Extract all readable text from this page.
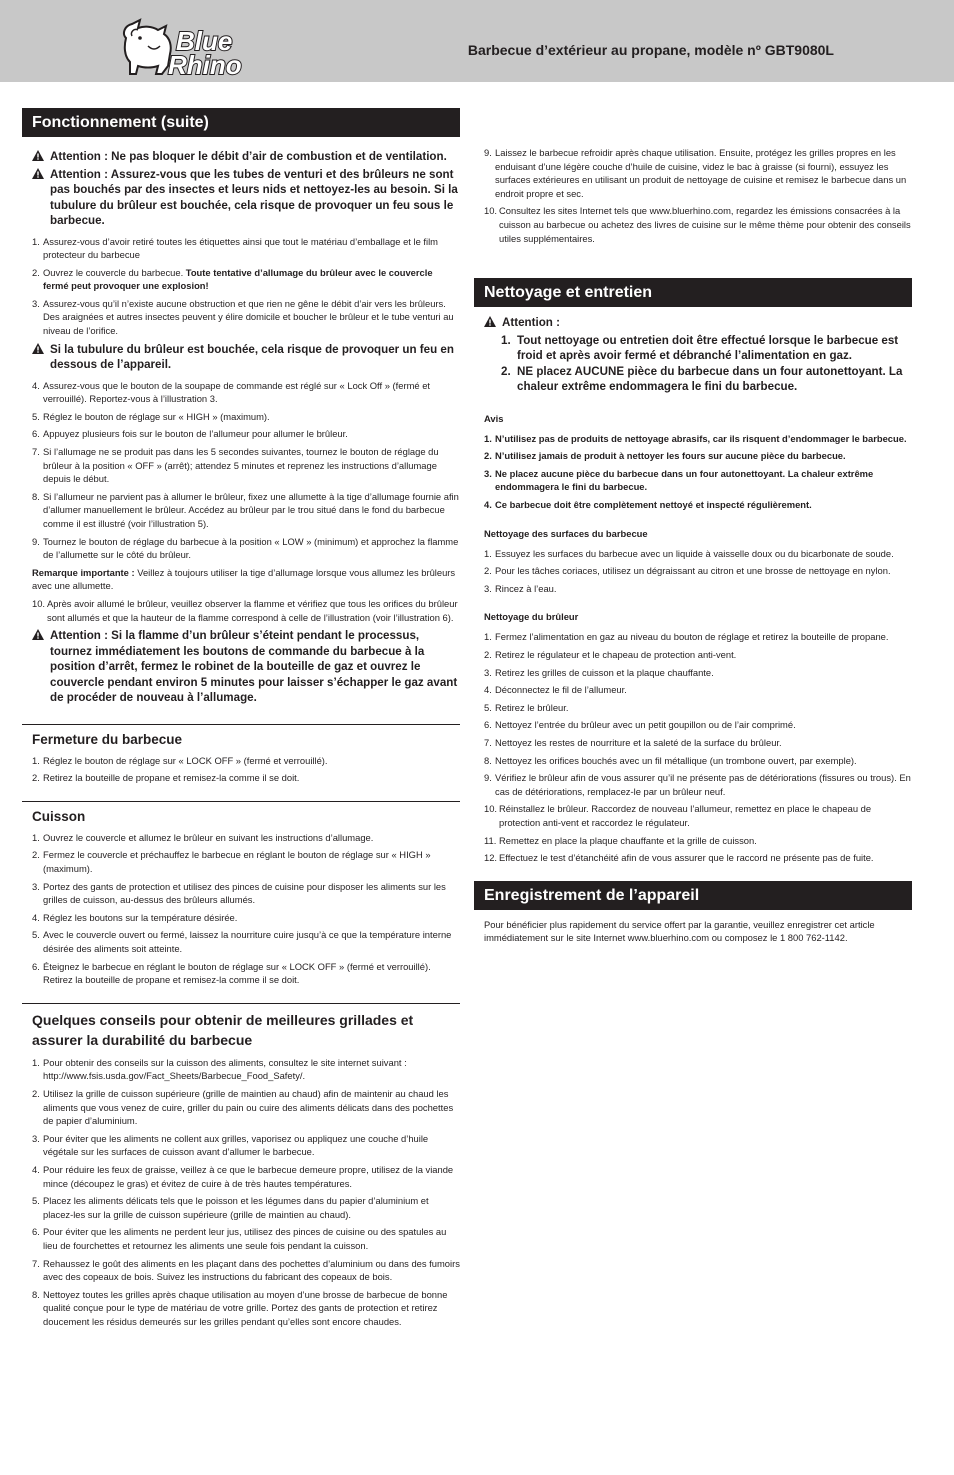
Blue
Rhino	Barbecue d’extérieur au propane, modèle nº GBT9080L
Fonctionnement (suite)
Attention : Ne pas bloquer le débit d’air de combustion et de ventilation.
Attention : Assurez-vous que les tubes de venturi et des brûleurs ne sont pas bouchés par des insectes et leurs nids et nettoyez-les au besoin. Si la tubulure du brûleur est bouchée, cela risque de provoquer un feu sous le barbecue.
1. Assurez-vous d’avoir retiré toutes les étiquettes ainsi que tout le matériau d’emballage et le film protecteur du barbecue
2. Ouvrez le couvercle du barbecue. Toute tentative d’allumage du brûleur avec le couvercle fermé peut provoquer une explosion!
3. Assurez-vous qu’il n’existe aucune obstruction et que rien ne gêne le débit d’air vers les brûleurs. Des araignées et autres insectes peuvent y élire domicile et boucher le brûleur et le tube venturi au niveau de l’orifice.
Si la tubulure du brûleur est bouchée, cela risque de provoquer un feu en dessous de l’appareil.
4. Assurez-vous que le bouton de la soupape de commande est réglé sur « Lock Off » (fermé et verrouillé). Reportez-vous à l’illustration 3.
5. Réglez le bouton de réglage sur « HIGH » (maximum).
6. Appuyez plusieurs fois sur le bouton de l’allumeur pour allumer le brûleur.
7. Si l’allumage ne se produit pas dans les 5 secondes suivantes, tournez le bouton de réglage du brûleur à la position « OFF » (arrêt); attendez 5 minutes et reprenez les instructions d’allumage depuis le début.
8. Si l’allumeur ne parvient pas à allumer le brûleur, fixez une allumette à la tige d’allumage fournie afin d’allumer manuellement le brûleur. Accédez au brûleur par le trou situé dans le fond du barbecue comme il est illustré (voir l’illustration 5).
9. Tournez le bouton de réglage du barbecue à la position « LOW » (minimum) et approchez la flamme de l’allumette sur le côté du brûleur.

Remarque importante : Veillez à toujours utiliser la tige d’allumage lorsque vous allumez les brûleurs avec une allumette.

10. Après avoir allumé le brûleur, veuillez observer la flamme et vérifiez que tous les orifices du brûleur sont allumés et que la hauteur de la flamme correspond à celle de l’illustration (voir l’illustration 6).
Attention : Si la flamme d’un brûleur s’éteint pendant le processus, tournez immédiatement les boutons de commande du barbecue à la position d’arrêt, fermez le robinet de la bouteille de gaz et ouvrez le couvercle pendant environ 5 minutes pour laisser s’échapper le gaz avant de procéder de nouveau à l’allumage.
Fermeture du barbecue
1. Réglez le bouton de réglage sur « LOCK OFF » (fermé et verrouillé).
2. Retirez la bouteille de propane et remisez-la comme il se doit.
Cuisson
1. Ouvrez le couvercle et allumez le brûleur en suivant les instructions d’allumage.
2. Fermez le couvercle et préchauffez le barbecue en réglant le bouton de réglage sur « HIGH » (maximum).
3. Portez des gants de protection et utilisez des pinces de cuisine pour disposer les aliments sur les grilles de cuisson, au-dessus des brûleurs allumés.
4. Réglez les boutons sur la température désirée.
5. Avec le couvercle ouvert ou fermé, laissez la nourriture cuire jusqu’à ce que la température interne désirée des aliments soit atteinte.
6. Éteignez le barbecue en réglant le bouton de réglage sur « LOCK OFF » (fermé et verrouillé). Retirez la bouteille de propane et remisez-la comme il se doit.
Quelques conseils pour obtenir de meilleures grillades et assurer la durabilité du barbecue
1. Pour obtenir des conseils sur la cuisson des aliments, consultez le site internet suivant : http://www.fsis.usda.gov/Fact_Sheets/Barbecue_Food_Safety/.
2. Utilisez la grille de cuisson supérieure (grille de maintien au chaud) afin de maintenir au chaud les aliments que vous venez de cuire, griller du pain ou cuire des aliments délicats dans des pochettes de papier d’aluminium.
3. Pour éviter que les aliments ne collent aux grilles, vaporisez ou appliquez une couche d’huile végétale sur les surfaces de cuisson avant d’allumer le barbecue.
4. Pour réduire les feux de graisse, veillez à ce que le barbecue demeure propre, utilisez de la viande mince (découpez le gras) et évitez de cuire à de très hautes températures.
5. Placez les aliments délicats tels que le poisson et les légumes dans du papier d’aluminium et placez-les sur la grille de cuisson supérieure (grille de maintien au chaud).
6. Pour éviter que les aliments ne perdent leur jus, utilisez des pinces de cuisine ou des spatules au lieu de fourchettes et retournez les aliments une seule fois pendant la cuisson.
7. Rehaussez le goût des aliments en les plaçant dans des pochettes d’aluminium ou dans des fumoirs avec des copeaux de bois. Suivez les instructions du fabricant des copeaux de bois.
8. Nettoyez toutes les grilles après chaque utilisation au moyen d’une brosse de barbecue de bonne qualité conçue pour le type de matériau de votre grille. Portez des gants de protection et retirez doucement les résidus demeurés sur les grilles pendant qu’elles sont encore chaudes.
9. Laissez le barbecue refroidir après chaque utilisation. Ensuite, protégez les grilles propres en les enduisant d’une légère couche d’huile de cuisine, videz le bac à graisse (si fourni), essuyez les surfaces extérieures en utilisant un produit de nettoyage de cuisine et remisez le barbecue dans un endroit propre et sec.
10. Consultez les sites Internet tels que www.bluerhino.com, regardez les émissions consacrées à la cuisson au barbecue ou achetez des livres de cuisine sur le même thème pour obtenir des conseils utiles supplémentaires.
Nettoyage et entretien
Attention :
1. Tout nettoyage ou entretien doit être effectué lorsque le barbecue est froid et après avoir fermé et débranché l’alimentation en gaz.
2. NE placez AUCUNE pièce du barbecue dans un four autonettoyant. La chaleur extrême endommagera le fini du barbecue.
Avis
1. N’utilisez pas de produits de nettoyage abrasifs, car ils risquent d’endommager le barbecue.
2. N’utilisez jamais de produit à nettoyer les fours sur aucune pièce du barbecue.
3. Ne placez aucune pièce du barbecue dans un four autonettoyant. La chaleur extrême endommagera le fini du barbecue.
4. Ce barbecue doit être complètement nettoyé et inspecté régulièrement.
Nettoyage des surfaces du barbecue
1. Essuyez les surfaces du barbecue avec un liquide à vaisselle doux ou du bicarbonate de soude.
2. Pour les tâches coriaces, utilisez un dégraissant au citron et une brosse de nettoyage en nylon.
3. Rincez à l’eau.
Nettoyage du brûleur
1. Fermez l’alimentation en gaz au niveau du bouton de réglage et retirez la bouteille de propane.
2. Retirez le régulateur et le chapeau de protection anti-vent.
3. Retirez les grilles de cuisson et la plaque chauffante.
4. Déconnectez le fil de l’allumeur.
5. Retirez le brûleur.
6. Nettoyez l’entrée du brûleur avec un petit goupillon ou de l’air comprimé.
7. Nettoyez les restes de nourriture et la saleté de la surface du brûleur.
8. Nettoyez les orifices bouchés avec un fil métallique (un trombone ouvert, par exemple).
9. Vérifiez le brûleur afin de vous assurer qu’il ne présente pas de détériorations (fissures ou trous). En cas de détériorations, remplacez-le par un brûleur neuf.
10. Réinstallez le brûleur. Raccordez de nouveau l’allumeur, remettez en place le chapeau de protection anti-vent et raccordez le régulateur.
11. Remettez en place la plaque chauffante et la grille de cuisson.
12. Effectuez le test d’étanchéité afin de vous assurer que le raccord ne présente pas de fuite.
Enregistrement de l’appareil

Pour bénéficier plus rapidement du service offert par la garantie, veuillez enregistrer cet article immédiatement sur le site Internet www.bluerhino.com ou composez le 1 800 762-1142.
